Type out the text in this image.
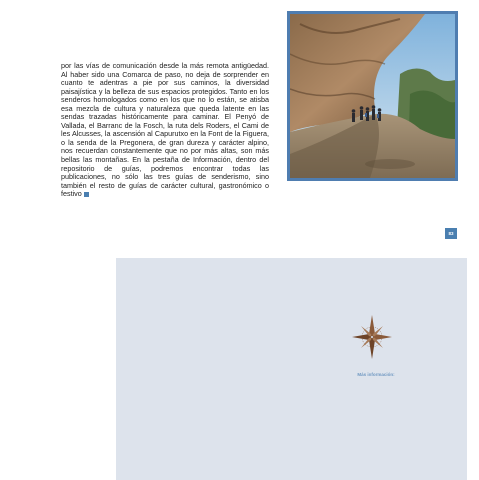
por las vías de comunicación desde la más remota antigüedad. Al haber sido una Comarca de paso, no deja de sorprender en cuanto te adentras a pie por sus caminos, la diversidad paisajística y la belleza de sus espacios protegidos. Tanto en los senderos homologados como en los que no lo están, se atisba esa mezcla de cultura y naturaleza que queda latente en las sendas trazadas históricamente para caminar. El Penyó de Vallada, el Barranc de la Fosch, la ruta dels Roders, el Cami de les Alcusses, la ascensión al Capurutxo en la Font de la Figuera, o la senda de la Pregonera, de gran dureza y carácter alpino, nos recuerdan constantemente que no por más altas, son más bellas las montañas. En la pestaña de Información, dentro del repositorio de guías, podremos encontrar todas las publicaciones, no sólo las tres guías de senderismo, sino también el resto de guías de carácter cultural, gastronómico o festivo
83
Más información:
